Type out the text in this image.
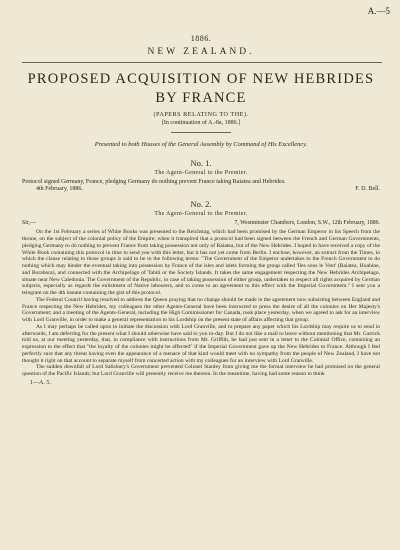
A.—5
1886.
NEW ZEALAND.
PROPOSED ACQUISITION OF NEW HEBRIDES
BY FRANCE
(PAPERS RELATING TO THE).
[In continuation of A.-8a, 1886.]
Presented to both Houses of the General Assembly by Command of His Excellency.
No. 1.
The Agent-General to the Premier.
Protocol signed Germany, France, pledging Germany do nothing prevent France taking Raiatea and Hebrides.
4th February, 1886.	F. D. Bell.
No. 2.
The Agent-General to the Premier.
Sir,—	7, Westminster Chambers, London, S.W., 12th February, 1886.

On the 1st February a series of White Books was presented to the Reichstag, which had been promised by the German Emperor in his Speech from the throne, on the subject of the colonial policy of the Empire; when it transpired that a protocol had been signed between the French and German Governments, pledging Germany to do nothing to prevent France from taking possession not only of Raiatea, but of the New Hebrides. I hoped to have received a copy of the White Book containing this protocol in time to send you with this letter, but it has not yet come from Berlin. I enclose, however, an extract from the Times, in which the clause relating to those groups is said to be in the following terms: "The Government of the Emperor undertakes to the French Government to do nothing which may hinder the eventual taking into possession by France of the isles and islets forming the group called 'Iles sous le Vent' (Raiatea, Huahine, and Borabora), and connected with the Archipelago of Tahiti or the Society Islands. It takes the same engagement respecting the New Hebrides Archipelago, situate near New Caledonia. The Government of the Republic, in case of taking possession of either group, undertakes to respect all rights acquired by German subjects, especially as regards the enlistment of Native labourers, and to come to an agreement to this effect with the Imperial Government." I sent you a telegram on the 4th instant containing the gist of this protocol.

The Federal Council having resolved to address the Queen praying that no change should be made in the agreement now subsisting between England and France respecting the New Hebrides, my colleagues the other Agents-General have been instructed to press the desire of all the colonies on Her Majesty's Government; and a meeting of the Agents-General, including the High Commissioner for Canada, took place yesterday, when we agreed to ask for an interview with Lord Granville, in order to make a general representation to his Lordship on the present state of affairs affecting that group.

As I may perhaps be called upon to initiate the discussion with Lord Granville, and to prepare any paper which his Lordship may require us to send in afterwards, I am deferring for the present what I should otherwise have said to you to-day. But I do not like a mail to leave without mentioning that Mr. Garrick told us, at our meeting yesterday, that, in compliance with instructions from Mr. Griffith, he had just sent in a letter to the Colonial Office, containing an expression to the effect that "the loyalty of the colonies might be affected" if the Imperial Government gave up the New Hebrides to France. Although I feel perfectly sure that any threat having even the appearance of a menace of that kind would meet with no sympathy from the people of New Zealand, I have not thought it right on that account to separate myself from concerted action with my colleagues for an interview with Lord Granville.

The sudden downfall of Lord Salisbury's Government prevented Colonel Stanley from giving me the formal interview he had promised on the general question of the Pacific Islands; but Lord Granville will presently receive me thereon. In the meantime, having had some reason to think

1—A. 5.
